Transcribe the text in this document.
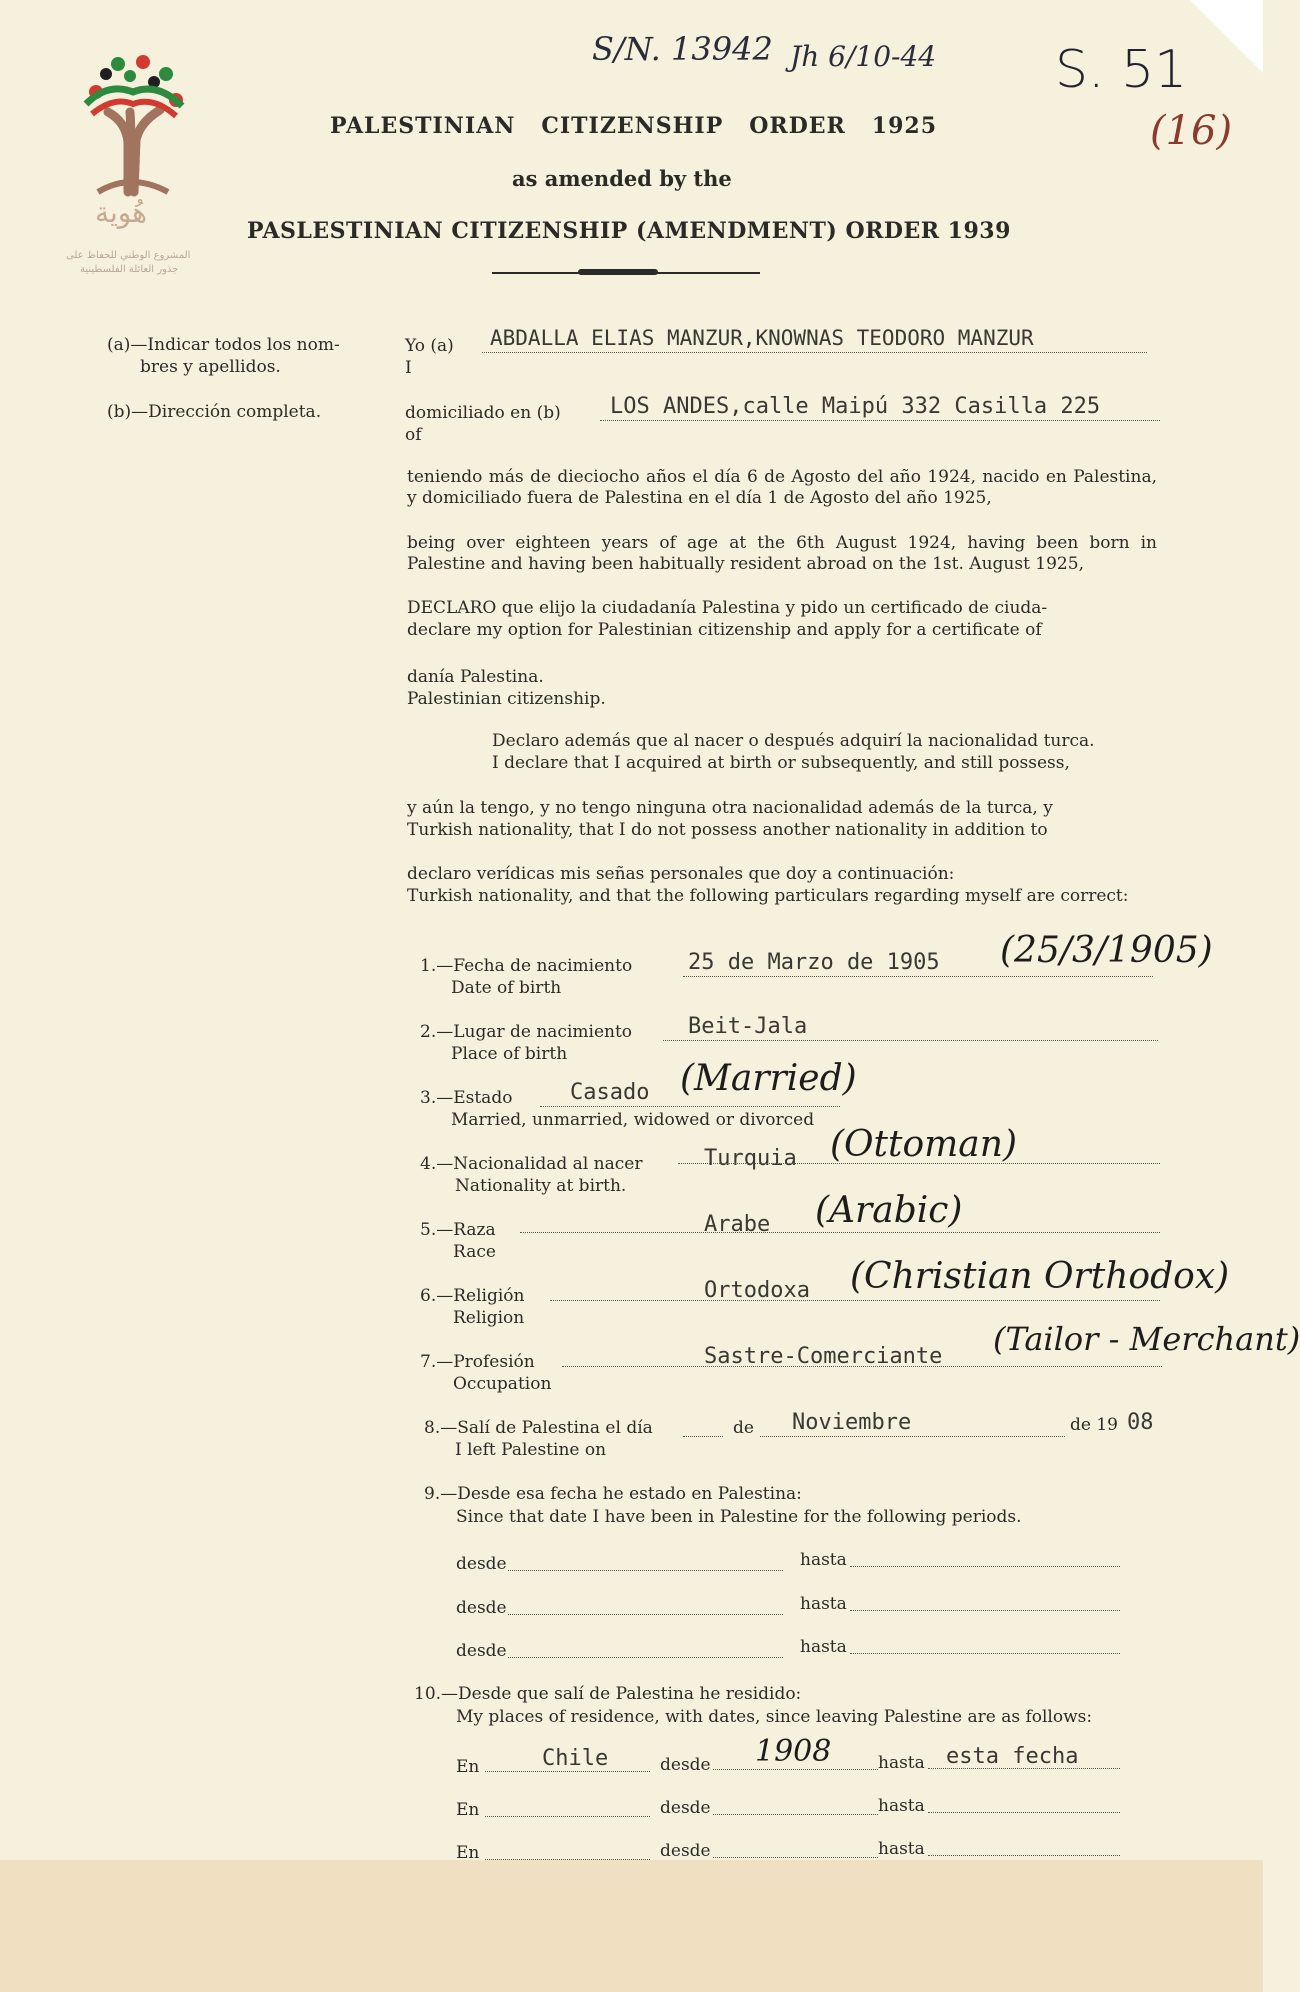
هُوية
المشروع الوطني للحفاظ على
جذور العائلة الفلسطينية
S/N. 13942 Jh 6/10-44 S. 51
(16)
PALESTINIAN   CITIZENSHIP   ORDER   1925
as amended by the
PASLESTINIAN CITIZENSHIP (AMENDMENT) ORDER 1939
(a)—Indicar todos los nom-
bres y apellidos.
(b)—Dirección completa.
Yo (a)
I
ABDALLA ELIAS MANZUR,KNOWNAS TEODORO MANZUR
domiciliado en (b)
of
LOS ANDES,calle Maipú 332 Casilla 225
teniendo más de dieciocho años el día 6 de Agosto del año 1924, nacido en Palestina, y domiciliado fuera de Palestina en el día 1 de Agosto del año 1925,
being over eighteen years of age at the 6th August 1924, having been born in Palestine and having been habitually resident abroad on the 1st. August 1925,
DECLARO que elijo la ciudadanía Palestina y pido un certificado de ciuda-
declare my option for Palestinian citizenship and apply for a certificate of
danía Palestina.
Palestinian citizenship.
Declaro además que al nacer o después adquirí la nacionalidad turca.
I declare that I acquired at birth or subsequently, and still possess,
y aún la tengo, y no tengo ninguna otra nacionalidad además de la turca, y
Turkish nationality, that I do not possess another nationality in addition to
declaro verídicas mis señas personales que doy a continuación:
Turkish nationality, and that the following particulars regarding myself are correct:
1.—Fecha de nacimiento
Date of birth
25 de Marzo de 1905 (25/3/1905)
2.—Lugar de nacimiento
Place of birth
Beit-Jala
3.—Estado
Married, unmarried, widowed or divorced
Casado (Married)
4.—Nacionalidad al nacer
Nationality at birth.
Turquia (Ottoman)
5.—Raza
Race
Arabe (Arabic)
6.—Religión
Religion
Ortodoxa (Christian Orthodox)
7.—Profesión
Occupation
Sastre-Comerciante (Tailor - Merchant)
8.—Salí de Palestina el día	de Noviembre	de 19 08
I left Palestine on
9.—Desde esa fecha he estado en Palestina:
Since that date I have been in Palestine for the following periods.
desde	hasta
desde	hasta
desde	hasta
10.—Desde que salí de Palestina he residido:
My places of residence, with dates, since leaving Palestine are as follows:
En	Chile	desde 1908	hasta esta fecha
En	desde	hasta
En	desde	hasta
